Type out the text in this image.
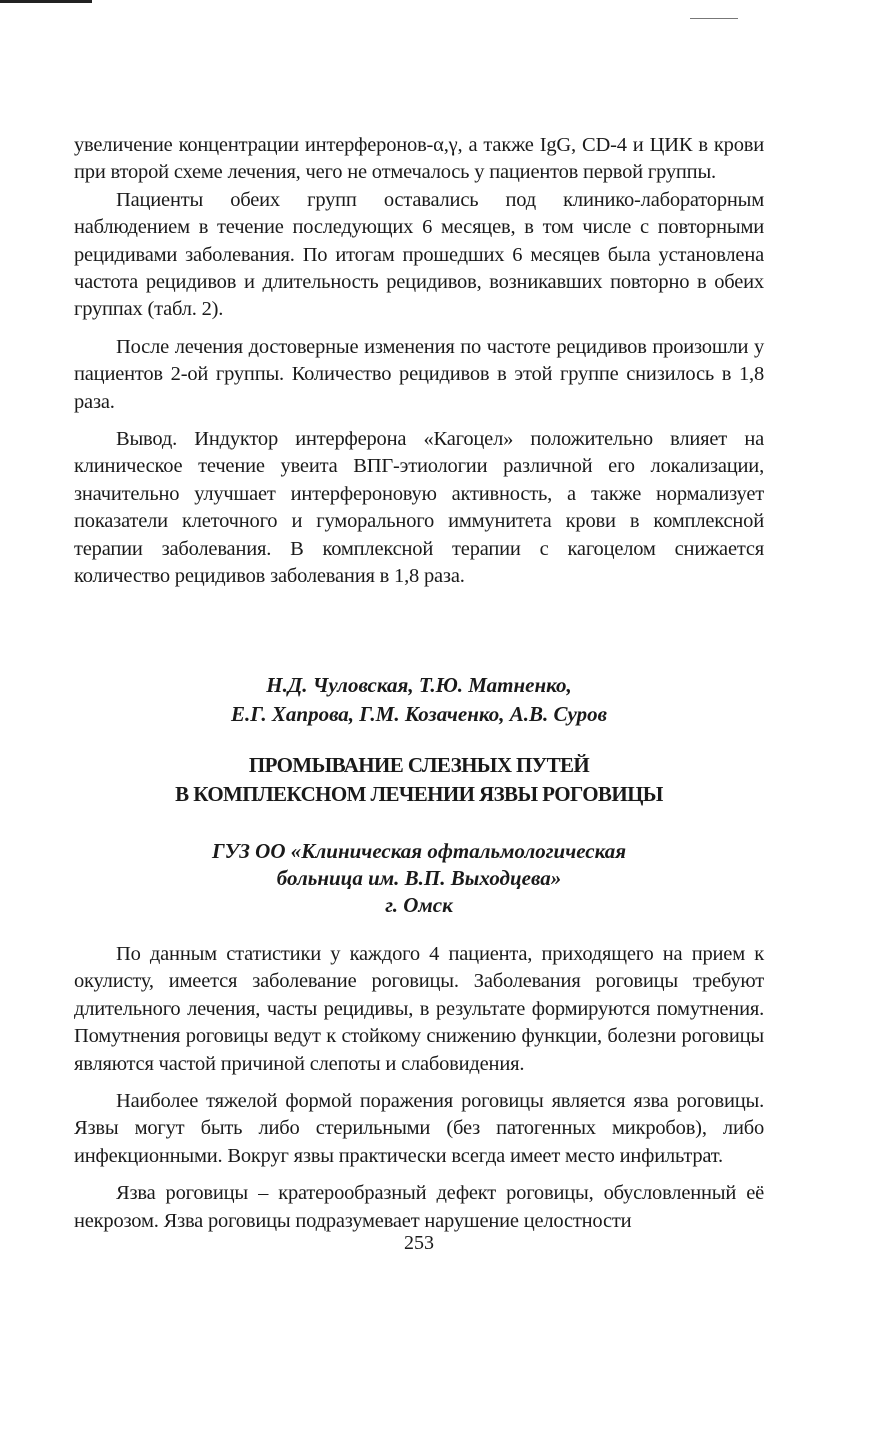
увеличение концентрации интерферонов-α,γ, а также IgG, CD-4 и ЦИК в крови при второй схеме лечения, чего не отмечалось у пациентов первой группы.

Пациенты обеих групп оставались под клинико-лабораторным наблюдением в течение последующих 6 месяцев, в том числе с повторными рецидивами заболевания. По итогам прошедших 6 месяцев была установлена частота рецидивов и длительность рецидивов, возникавших повторно в обеих группах (табл. 2).

После лечения достоверные изменения по частоте рецидивов произошли у пациентов 2-ой группы. Количество рецидивов в этой группе снизилось в 1,8 раза.

Вывод. Индуктор интерферона «Кагоцел» положительно влияет на клиническое течение увеита ВПГ-этиологии различной его локализации, значительно улучшает интерфероновую активность, а также нормализует показатели клеточного и гуморального иммунитета крови в комплексной терапии заболевания. В комплексной терапии с кагоцелом снижается количество рецидивов заболевания в 1,8 раза.

Н.Д. Чуловская, Т.Ю. Матненко,
Е.Г. Хапрова, Г.М. Козаченко, А.В. Суров
ПРОМЫВАНИЕ СЛЕЗНЫХ ПУТЕЙ
В КОМПЛЕКСНОМ ЛЕЧЕНИИ ЯЗВЫ РОГОВИЦЫ
ГУЗ ОО «Клиническая офтальмологическая
больница им. В.П. Выходцева»
г. Омск

По данным статистики у каждого 4 пациента, приходящего на прием к окулисту, имеется заболевание роговицы. Заболевания роговицы требуют длительного лечения, часты рецидивы, в результате формируются помутнения. Помутнения роговицы ведут к стойкому снижению функции, болезни роговицы являются частой причиной слепоты и слабовидения.

Наиболее тяжелой формой поражения роговицы является язва роговицы. Язвы могут быть либо стерильными (без патогенных микробов), либо инфекционными. Вокруг язвы практически всегда имеет место инфильтрат.

Язва роговицы – кратерообразный дефект роговицы, обусловленный её некрозом. Язва роговицы подразумевает нарушение целостности

253
